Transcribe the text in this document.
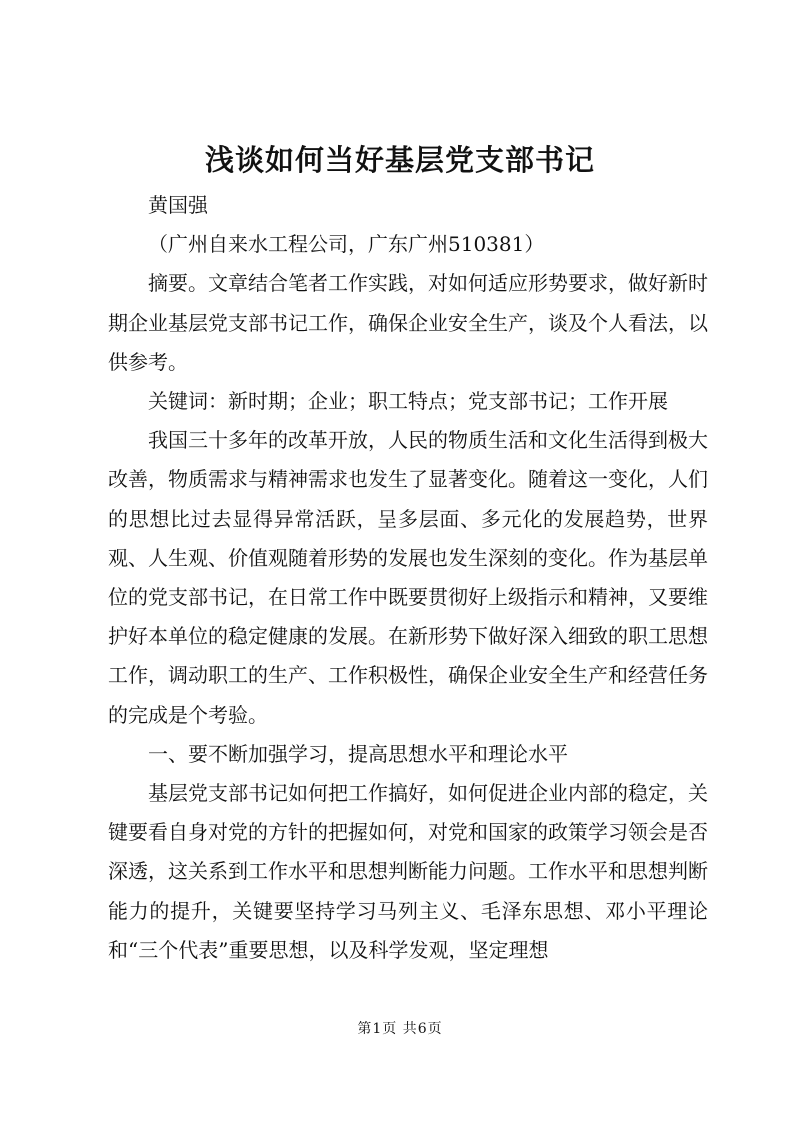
浅谈如何当好基层党支部书记

黄国强

（广州自来水工程公司，广东广州510381）

摘要。文章结合笔者工作实践，对如何适应形势要求，做好新时期企业基层党支部书记工作，确保企业安全生产，谈及个人看法，以供参考。

关键词：新时期；企业；职工特点；党支部书记；工作开展

我国三十多年的改革开放，人民的物质生活和文化生活得到极大改善，物质需求与精神需求也发生了显著变化。随着这一变化，人们的思想比过去显得异常活跃，呈多层面、多元化的发展趋势，世界观、人生观、价值观随着形势的发展也发生深刻的变化。作为基层单位的党支部书记，在日常工作中既要贯彻好上级指示和精神，又要维护好本单位的稳定健康的发展。在新形势下做好深入细致的职工思想工作，调动职工的生产、工作积极性，确保企业安全生产和经营任务的完成是个考验。

一、要不断加强学习，提高思想水平和理论水平

基层党支部书记如何把工作搞好，如何促进企业内部的稳定，关键要看自身对党的方针的把握如何，对党和国家的政策学习领会是否深透，这关系到工作水平和思想判断能力问题。工作水平和思想判断能力的提升，关键要坚持学习马列主义、毛泽东思想、邓小平理论和“三个代表”重要思想，以及科学发观，坚定理想

第1页 共6页
